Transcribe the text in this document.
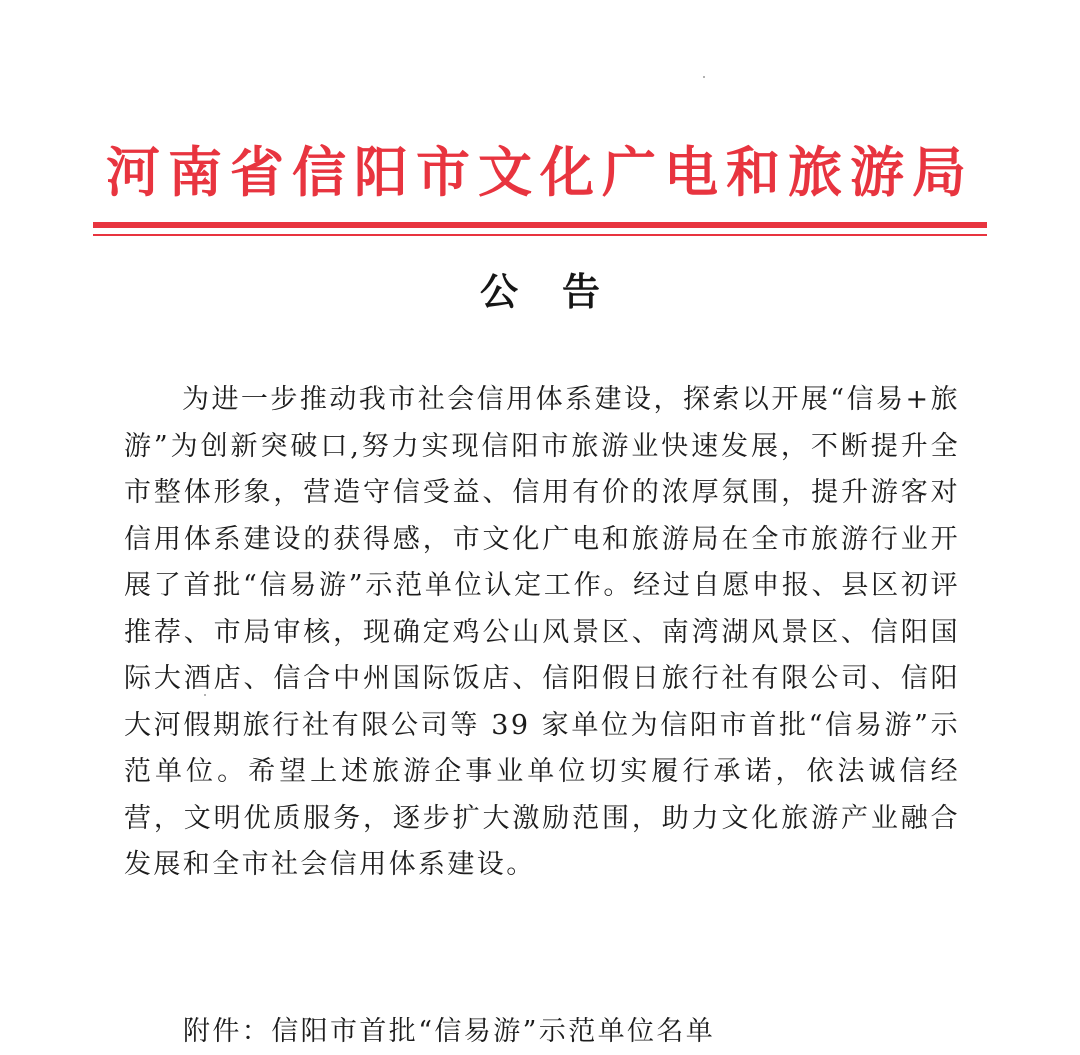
河南省信阳市文化广电和旅游局
公告

为进一步推动我市社会信用体系建设，探索以开展“信易+旅游”为创新突破口,努力实现信阳市旅游业快速发展，不断提升全市整体形象，营造守信受益、信用有价的浓厚氛围，提升游客对信用体系建设的获得感，市文化广电和旅游局在全市旅游行业开展了首批“信易游”示范单位认定工作。经过自愿申报、县区初评推荐、市局审核，现确定鸡公山风景区、南湾湖风景区、信阳国际大酒店、信合中州国际饭店、信阳假日旅行社有限公司、信阳大河假期旅行社有限公司等 39 家单位为信阳市首批“信易游”示范单位。希望上述旅游企事业单位切实履行承诺，依法诚信经营，文明优质服务，逐步扩大激励范围，助力文化旅游产业融合发展和全市社会信用体系建设。

附件：信阳市首批“信易游”示范单位名单
